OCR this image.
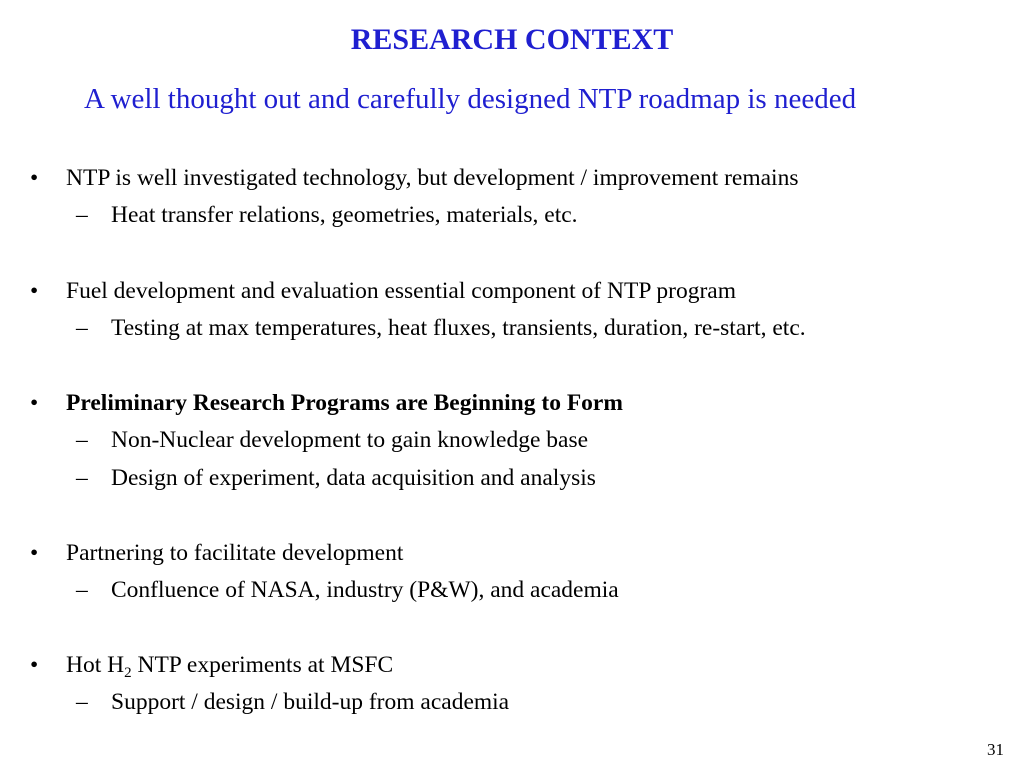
RESEARCH CONTEXT
A well thought out and carefully designed NTP roadmap is needed
• NTP is well investigated technology, but development / improvement remains
– Heat transfer relations, geometries, materials, etc.
• Fuel development and evaluation essential component of NTP program
– Testing at max temperatures, heat fluxes, transients, duration, re-start, etc.
• Preliminary Research Programs are Beginning to Form
– Non-Nuclear development to gain knowledge base
– Design of experiment, data acquisition and analysis
• Partnering to facilitate development
– Confluence of NASA, industry (P&W), and academia
• Hot $H_2$ NTP experiments at MSFC
– Support / design / build-up from academia
31
